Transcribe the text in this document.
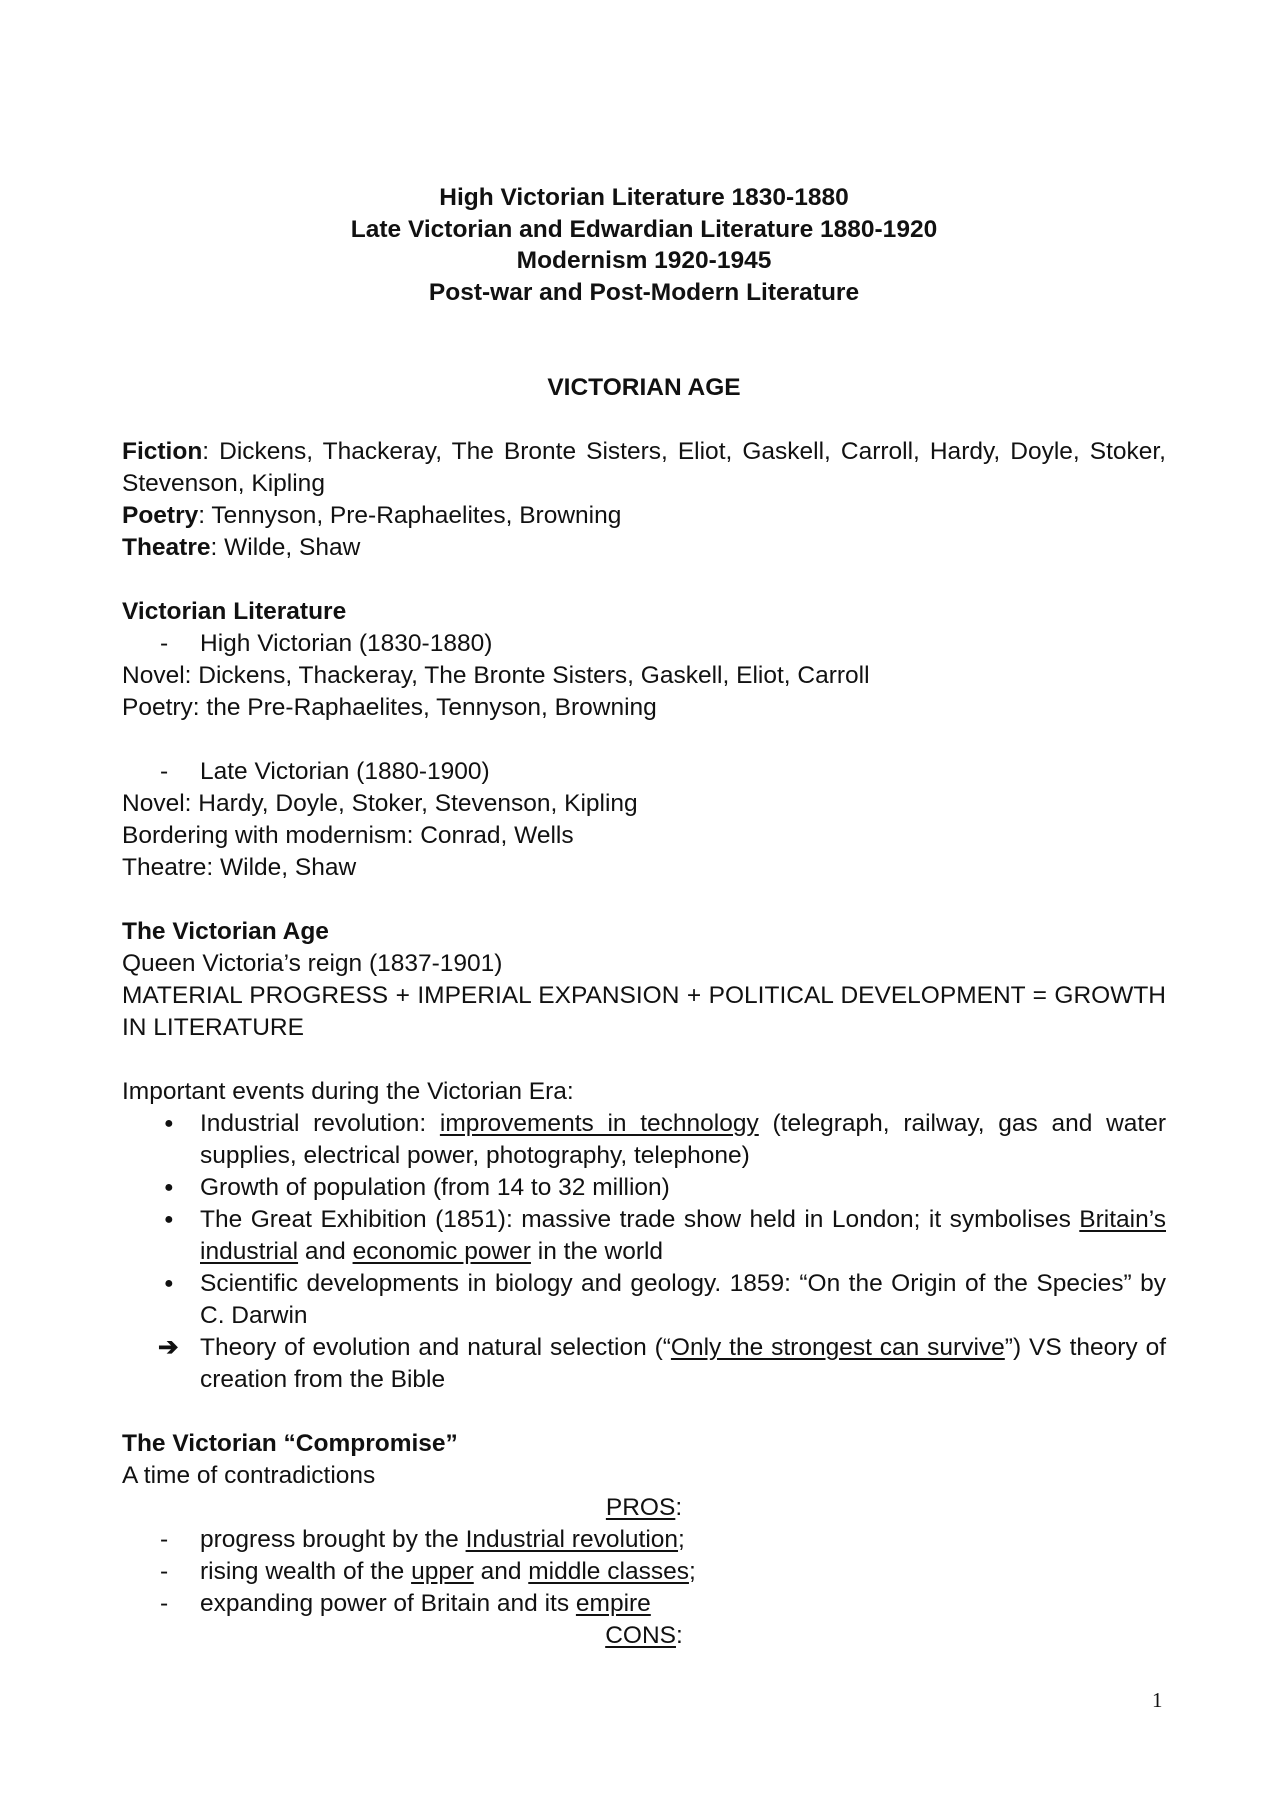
High Victorian Literature 1830-1880
Late Victorian and Edwardian Literature 1880-1920
Modernism 1920-1945
Post-war and Post-Modern Literature
VICTORIAN AGE
Fiction: Dickens, Thackeray, The Bronte Sisters, Eliot, Gaskell, Carroll, Hardy, Doyle, Stoker, Stevenson, Kipling
Poetry: Tennyson, Pre-Raphaelites, Browning
Theatre: Wilde, Shaw
Victorian Literature
- High Victorian (1830-1880)
Novel: Dickens, Thackeray, The Bronte Sisters, Gaskell, Eliot, Carroll
Poetry: the Pre-Raphaelites, Tennyson, Browning
- Late Victorian (1880-1900)
Novel: Hardy, Doyle, Stoker, Stevenson, Kipling
Bordering with modernism: Conrad, Wells
Theatre: Wilde, Shaw
The Victorian Age
Queen Victoria’s reign (1837-1901)
MATERIAL PROGRESS + IMPERIAL EXPANSION + POLITICAL DEVELOPMENT = GROWTH IN LITERATURE
Important events during the Victorian Era:
● Industrial revolution: improvements in technology (telegraph, railway, gas and water supplies, electrical power, photography, telephone)
● Growth of population (from 14 to 32 million)
● The Great Exhibition (1851): massive trade show held in London; it symbolises Britain’s industrial and economic power in the world
● Scientific developments in biology and geology. 1859: “On the Origin of the Species” by C. Darwin
➔ Theory of evolution and natural selection (“Only the strongest can survive”) VS theory of creation from the Bible
The Victorian “Compromise”
A time of contradictions
PROS:
- progress brought by the Industrial revolution;
- rising wealth of the upper and middle classes;
- expanding power of Britain and its empire
CONS:
1
